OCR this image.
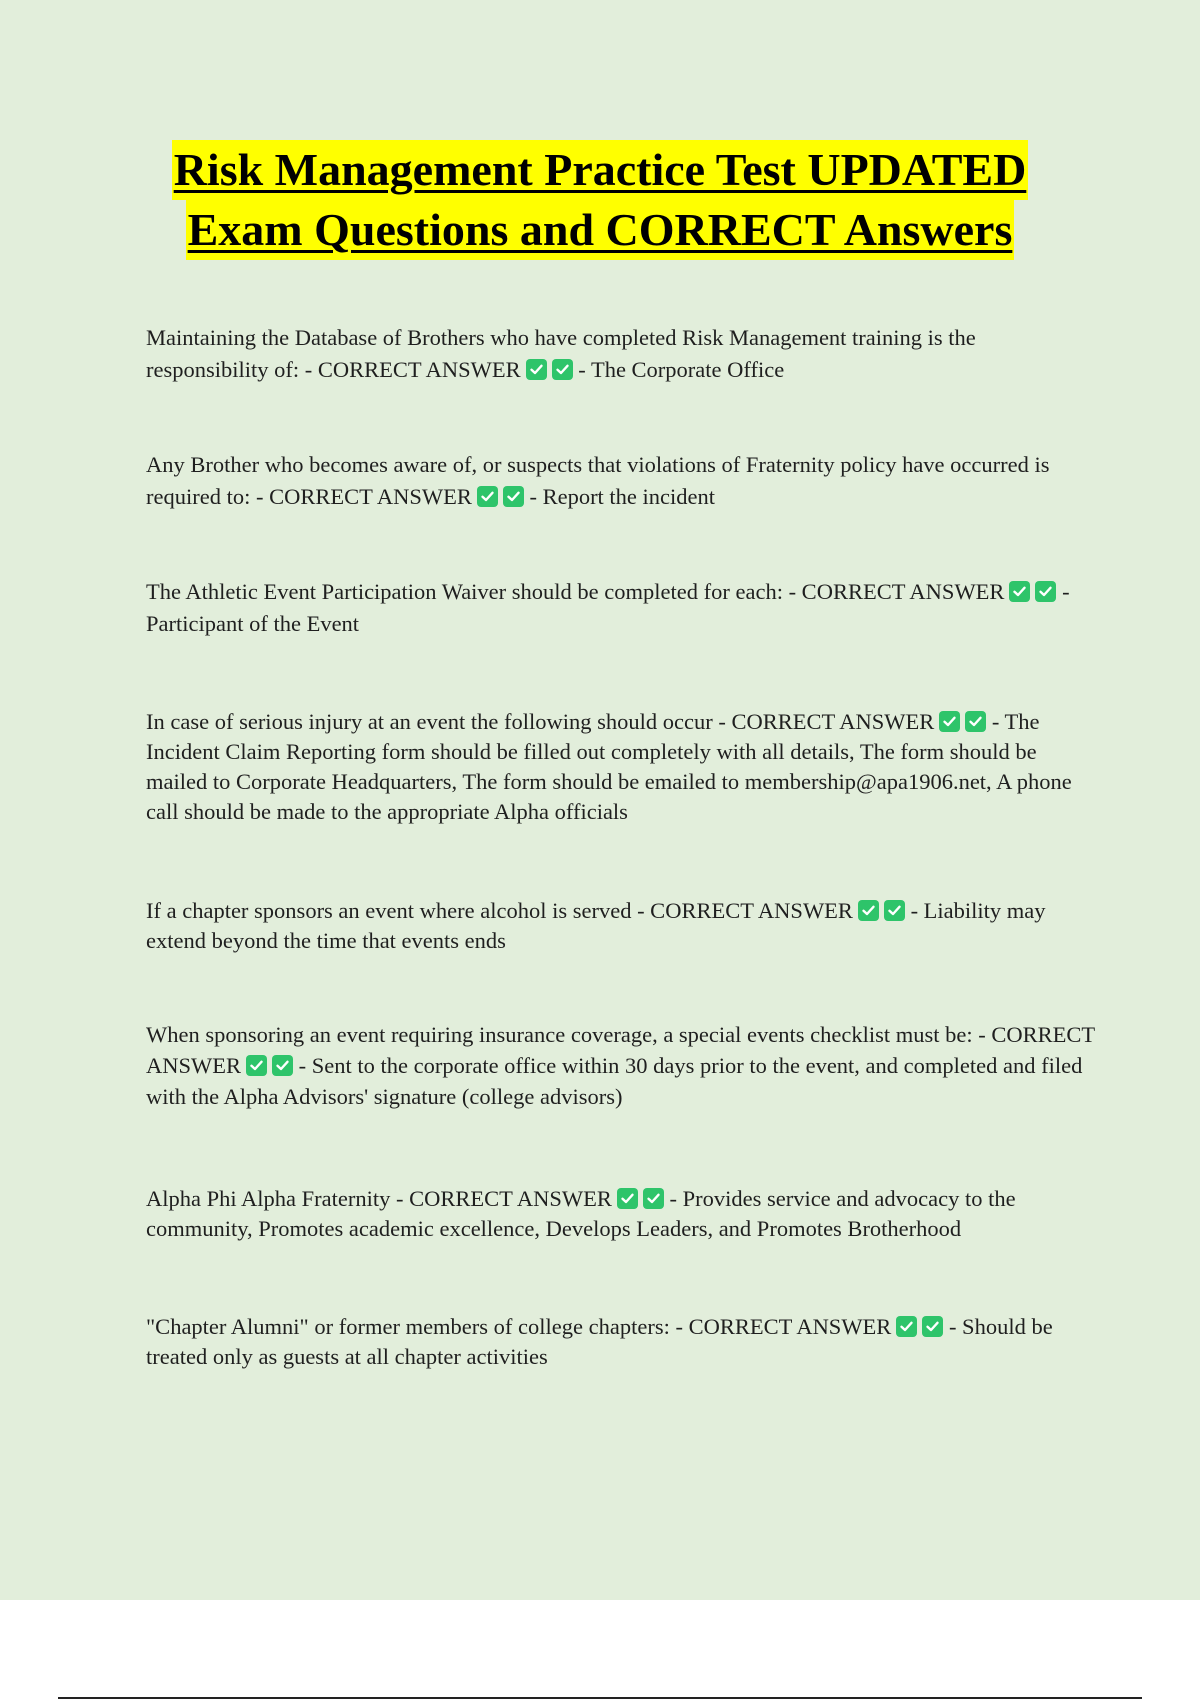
Risk Management Practice Test UPDATED
Exam Questions and CORRECT Answers

Maintaining the Database of Brothers who have completed Risk Management training is the responsibility of: - CORRECT ANSWER	- The Corporate Office

Any Brother who becomes aware of, or suspects that violations of Fraternity policy have occurred is required to: - CORRECT ANSWER	- Report the incident

The Athletic Event Participation Waiver should be completed for each: - CORRECT ANSWER	- Participant of the Event

In case of serious injury at an event the following should occur - CORRECT ANSWER	- The Incident Claim Reporting form should be filled out completely with all details, The form should be mailed to Corporate Headquarters, The form should be emailed to membership@apa1906.net, A phone call should be made to the appropriate Alpha officials

If a chapter sponsors an event where alcohol is served - CORRECT ANSWER	- Liability may extend beyond the time that events ends

When sponsoring an event requiring insurance coverage, a special events checklist must be: - CORRECT ANSWER	- Sent to the corporate office within 30 days prior to the event, and completed and filed with the Alpha Advisors' signature (college advisors)

Alpha Phi Alpha Fraternity - CORRECT ANSWER	- Provides service and advocacy to the community, Promotes academic excellence, Develops Leaders, and Promotes Brotherhood

"Chapter Alumni" or former members of college chapters: - CORRECT ANSWER	- Should be treated only as guests at all chapter activities
